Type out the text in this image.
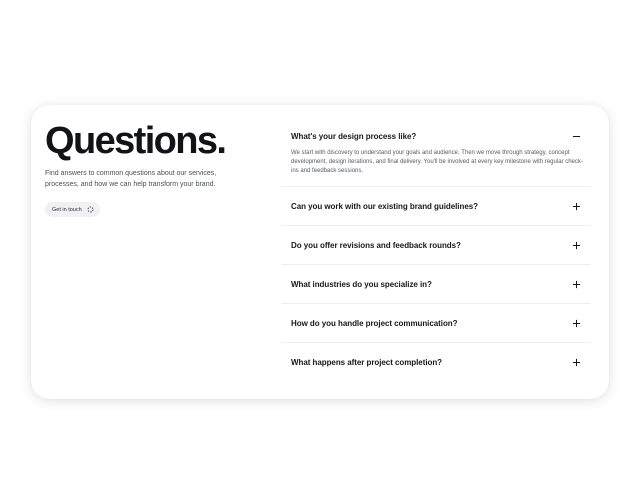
Questions.

Find answers to common questions about our services, processes, and how we can help transform your brand.

Get in touch
What's your design process like?

We start with discovery to understand your goals and audience. Then we move through strategy, concept development, design iterations, and final delivery. You'll be involved at every key milestone with regular check-ins and feedback sessions.

Can you work with our existing brand guidelines?
Do you offer revisions and feedback rounds?
What industries do you specialize in?
How do you handle project communication?
What happens after project completion?
